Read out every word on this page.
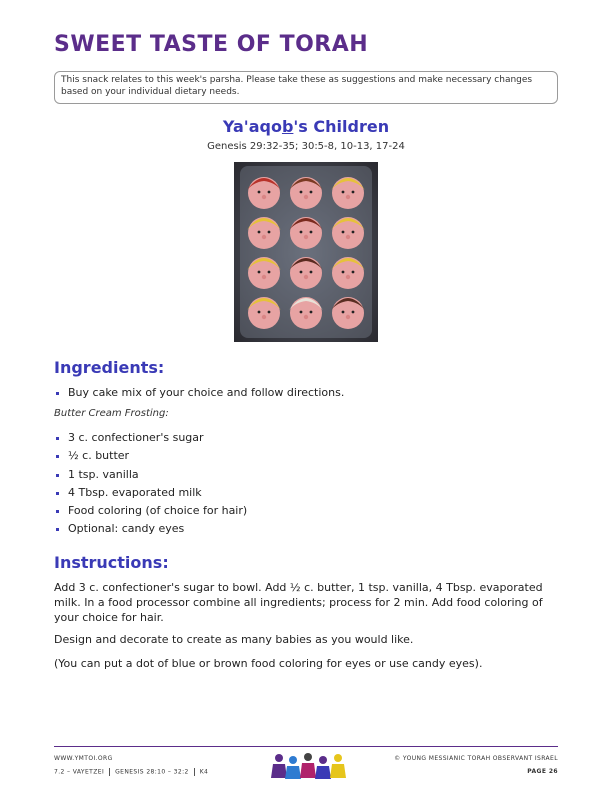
SWEET TASTE OF TORAH
This snack relates to this week's parsha. Please take these as suggestions and make necessary changes based on your individual dietary needs.
Ya'aqob's Children
Genesis 29:32-35; 30:5-8, 10-13, 17-24
Ingredients:
Buy cake mix of your choice and follow directions.
Butter Cream Frosting:
3 c. confectioner's sugar
½ c. butter
1 tsp. vanilla
4 Tbsp. evaporated milk
Food coloring (of choice for hair)
Optional: candy eyes
Instructions:
Add 3 c. confectioner's sugar to bowl. Add ½ c. butter, 1 tsp. vanilla, 4 Tbsp. evaporated milk. In a food processor combine all ingredients; process for 2 min. Add food coloring of your choice for hair.
Design and decorate to create as many babies as you would like.
(You can put a dot of blue or brown food coloring for eyes or use candy eyes).
WWW.YMTOI.ORG
7.2 – VAYETZEI GENESIS 28:10 – 32:2 K4
© YOUNG MESSIANIC TORAH OBSERVANT ISRAEL
PAGE 26
